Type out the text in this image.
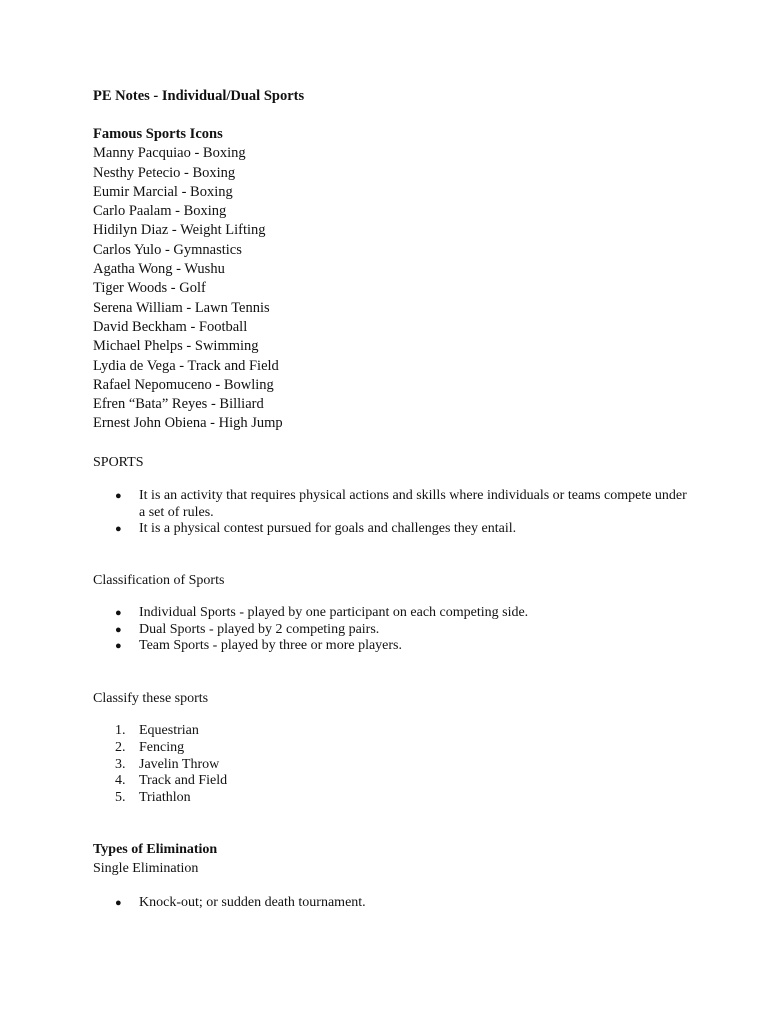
PE Notes - Individual/Dual Sports
Famous Sports Icons
Manny Pacquiao - Boxing
Nesthy Petecio - Boxing
Eumir Marcial - Boxing
Carlo Paalam - Boxing
Hidilyn Diaz - Weight Lifting
Carlos Yulo - Gymnastics
Agatha Wong - Wushu
Tiger Woods - Golf
Serena William - Lawn Tennis
David Beckham - Football
Michael Phelps - Swimming
Lydia de Vega - Track and Field
Rafael Nepomuceno - Bowling
Efren “Bata” Reyes - Billiard
Ernest John Obiena - High Jump
SPORTS
● It is an activity that requires physical actions and skills where individuals or teams compete under a set of rules.
● It is a physical contest pursued for goals and challenges they entail.
Classification of Sports
● Individual Sports - played by one participant on each competing side.
● Dual Sports - played by 2 competing pairs.
● Team Sports - played by three or more players.
Classify these sports
1. Equestrian
2. Fencing
3. Javelin Throw
4. Track and Field
5. Triathlon
Types of Elimination
Single Elimination
● Knock-out; or sudden death tournament.
